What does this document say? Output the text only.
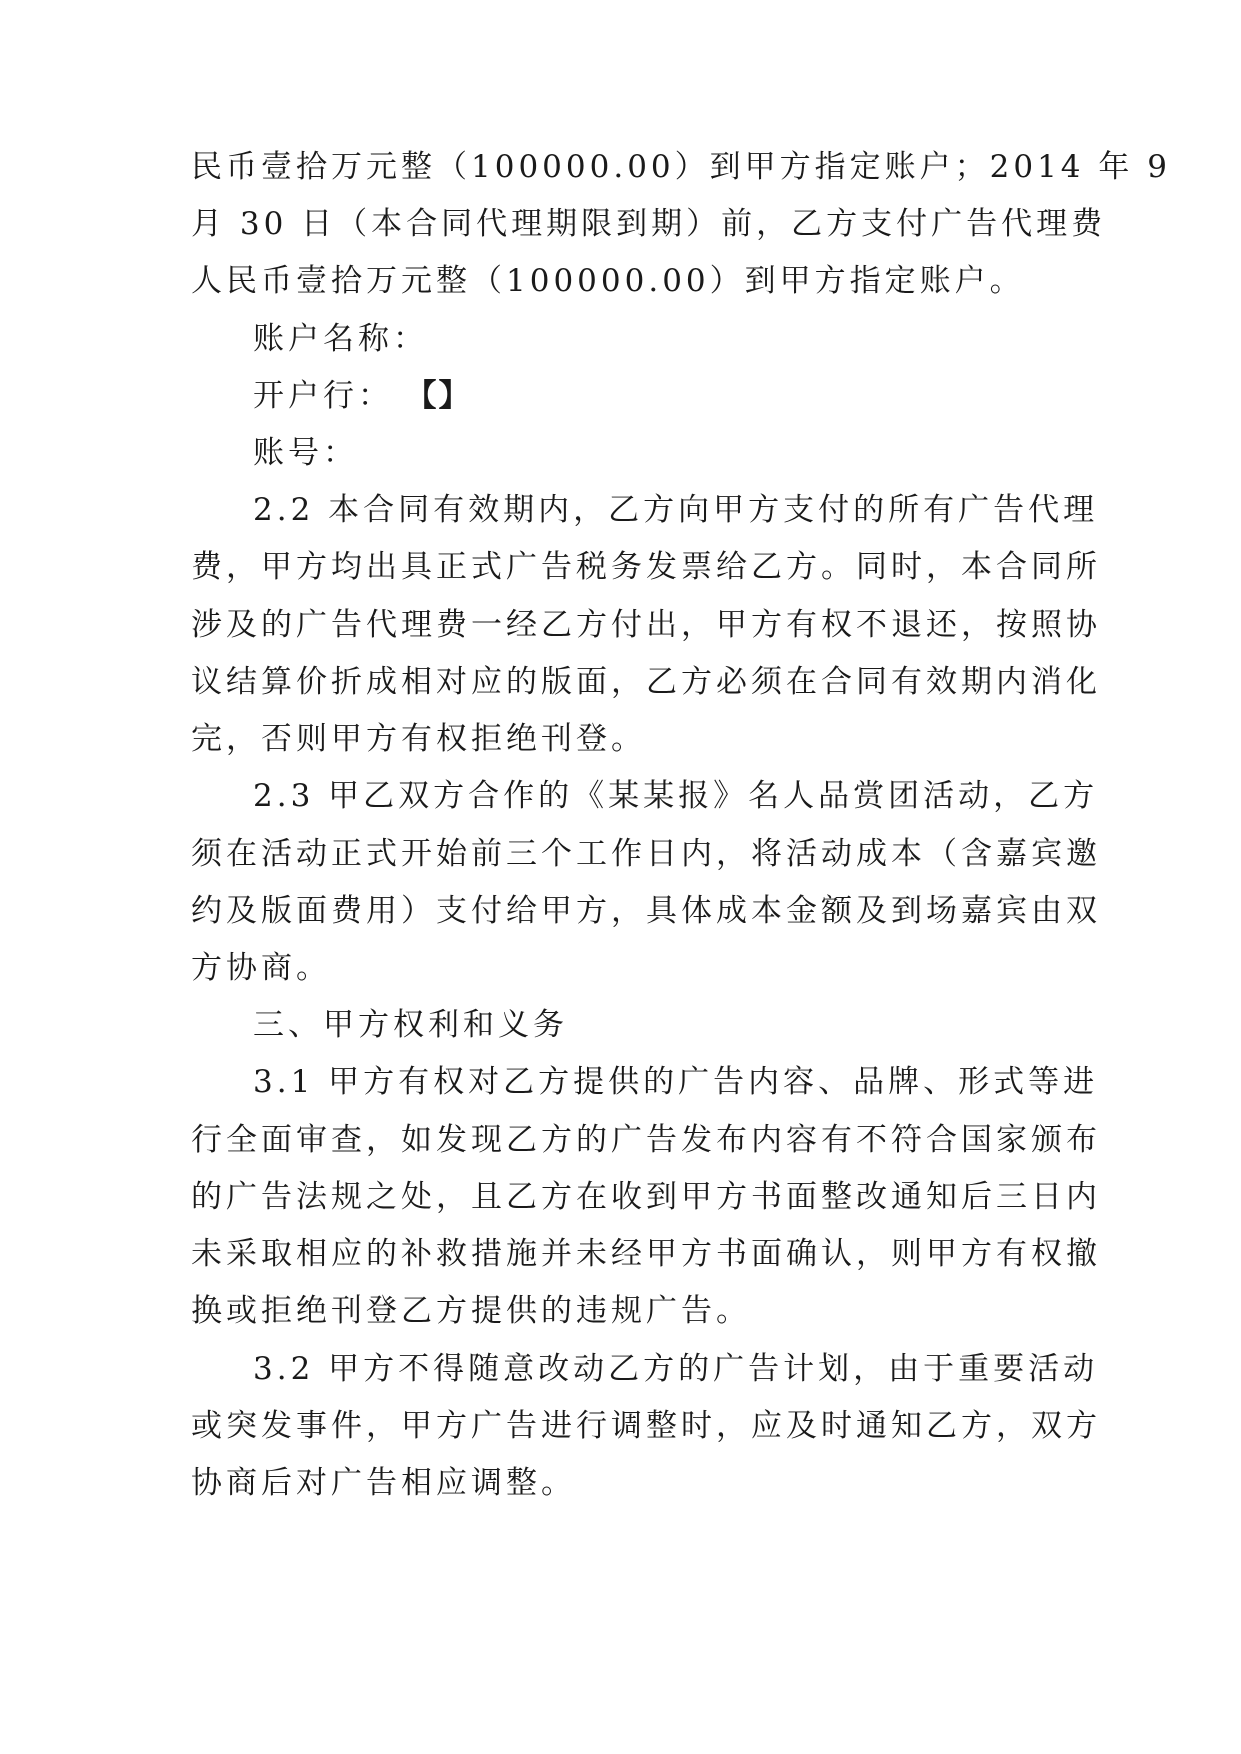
民币壹拾万元整（100000.00）到甲方指定账户；2014 年 9
月 30 日（本合同代理期限到期）前，乙方支付广告代理费
人民币壹拾万元整（100000.00）到甲方指定账户。
账户名称：
开户行： 【】
账号：
2.2 本合同有效期内，乙方向甲方支付的所有广告代理
费，甲方均出具正式广告税务发票给乙方。同时，本合同所
涉及的广告代理费一经乙方付出，甲方有权不退还，按照协
议结算价折成相对应的版面，乙方必须在合同有效期内消化
完，否则甲方有权拒绝刊登。
2.3 甲乙双方合作的《某某报》名人品赏团活动，乙方
须在活动正式开始前三个工作日内，将活动成本（含嘉宾邀
约及版面费用）支付给甲方，具体成本金额及到场嘉宾由双
方协商。
三、甲方权利和义务
3.1 甲方有权对乙方提供的广告内容、品牌、形式等进
行全面审查，如发现乙方的广告发布内容有不符合国家颁布
的广告法规之处，且乙方在收到甲方书面整改通知后三日内
未采取相应的补救措施并未经甲方书面确认，则甲方有权撤
换或拒绝刊登乙方提供的违规广告。
3.2 甲方不得随意改动乙方的广告计划，由于重要活动
或突发事件，甲方广告进行调整时，应及时通知乙方，双方
协商后对广告相应调整。
